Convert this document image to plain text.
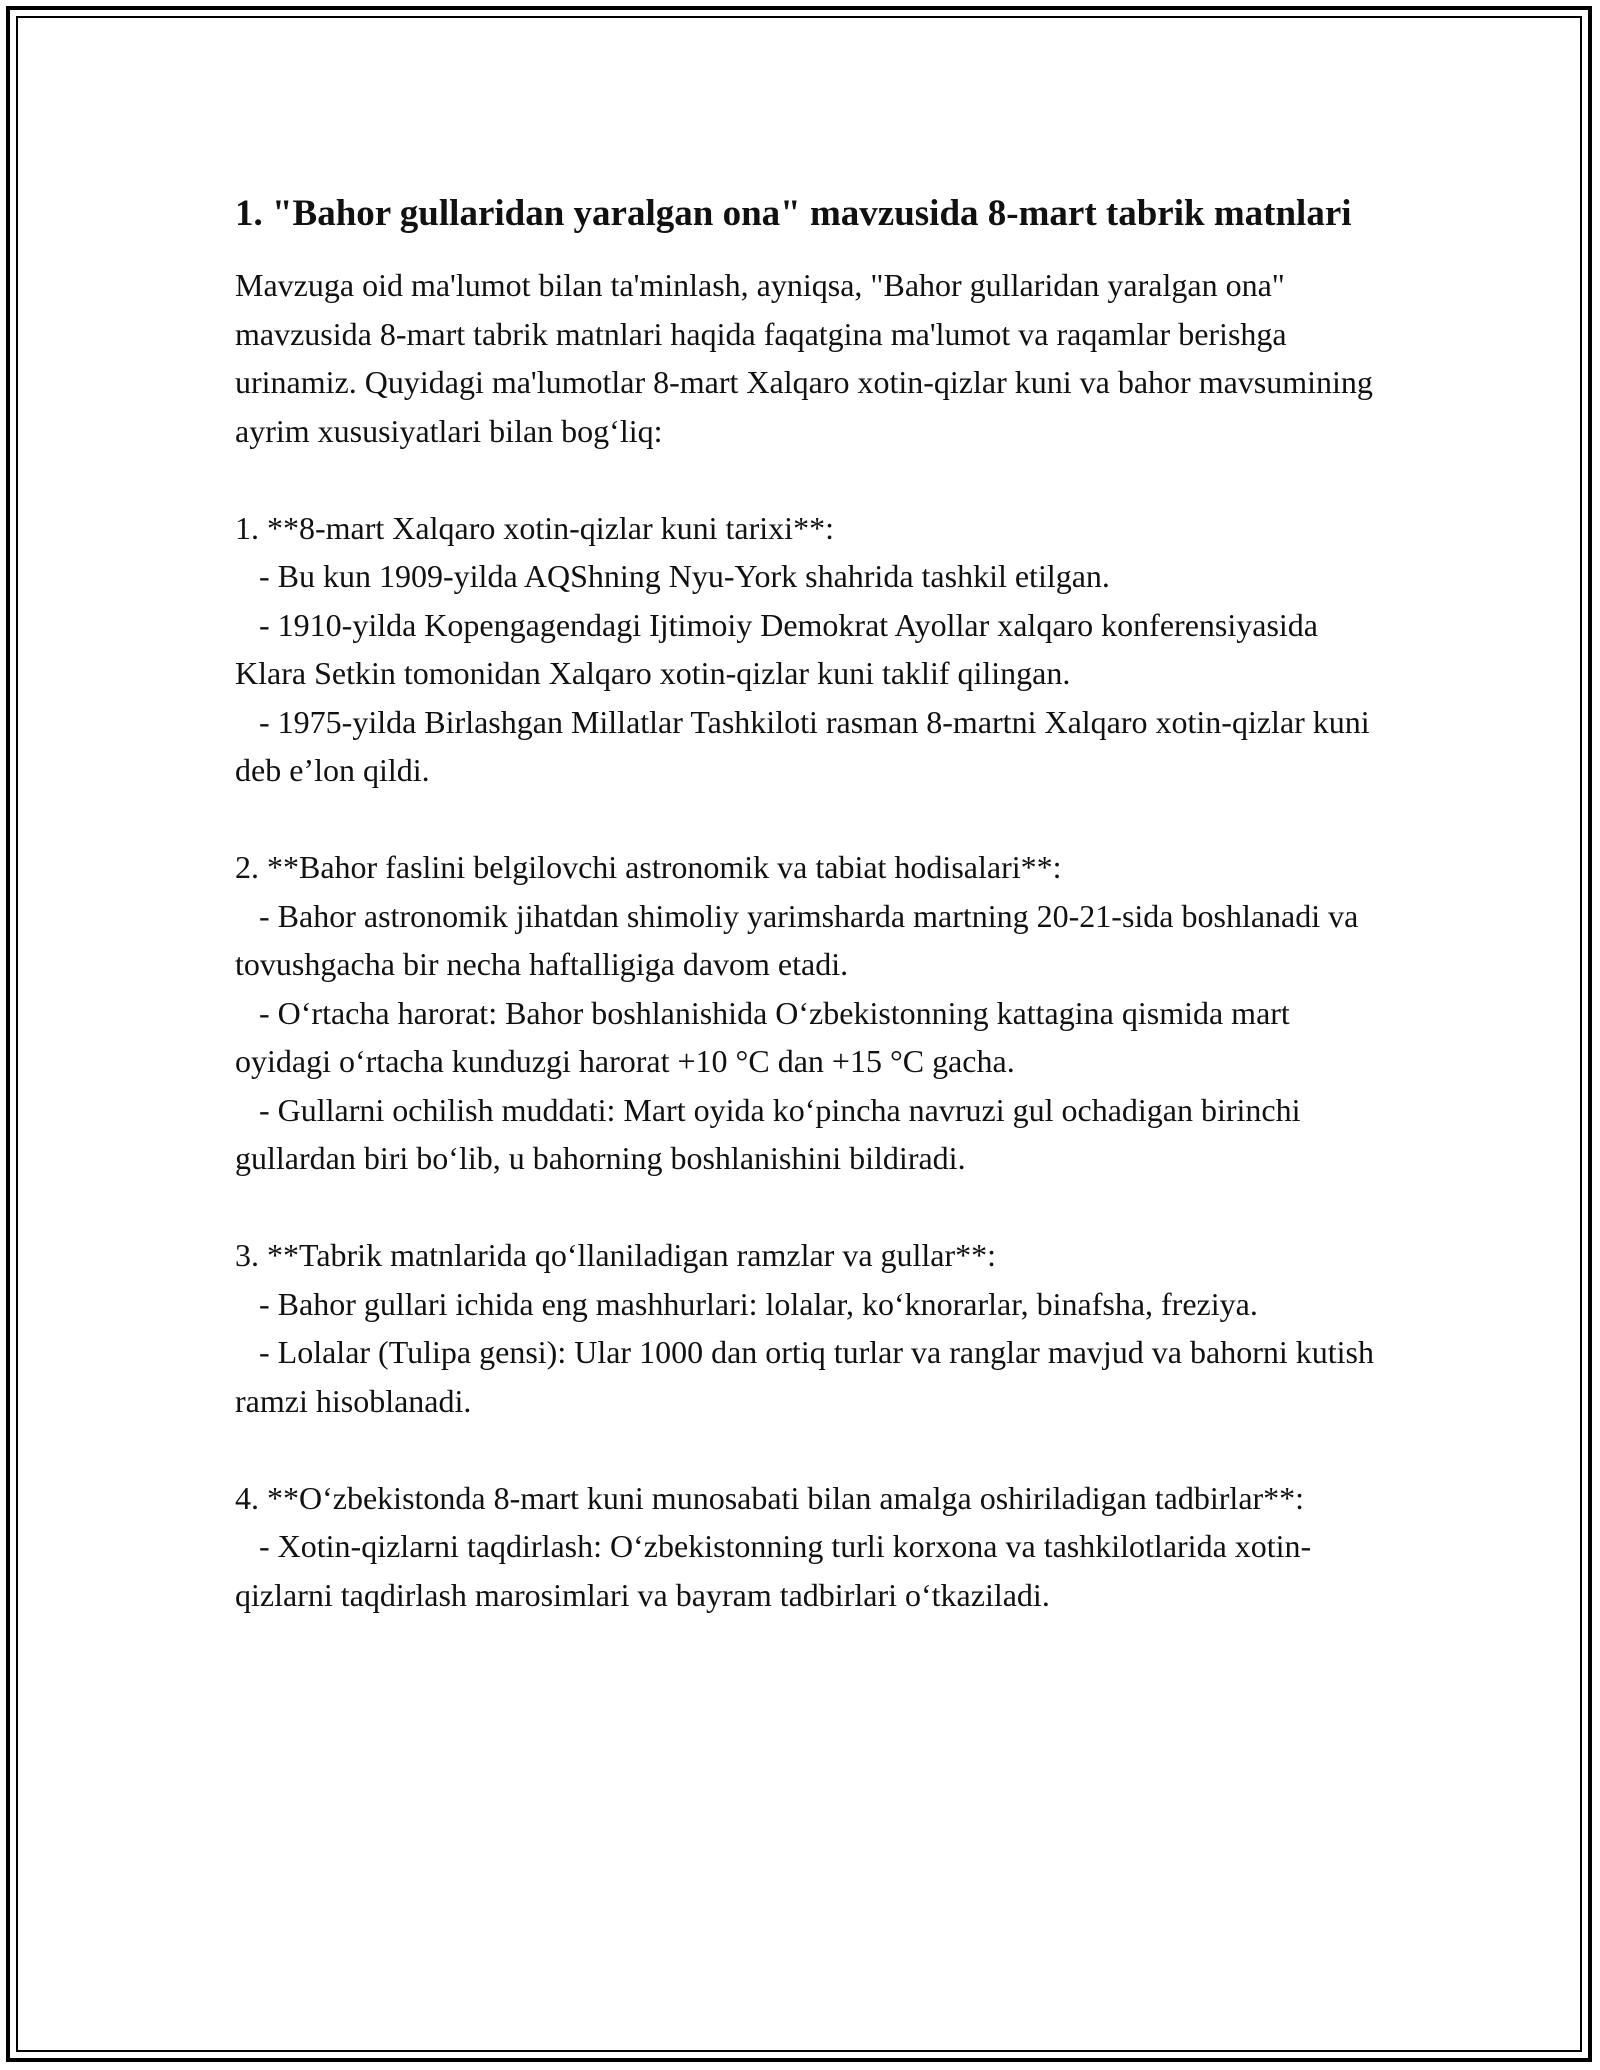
1. "Bahor gullaridan yaralgan ona" mavzusida 8-mart tabrik matnlari

Mavzuga oid ma'lumot bilan ta'minlash, ayniqsa, "Bahor gullaridan yaralgan ona"  mavzusida 8-mart tabrik matnlari haqida faqatgina ma'lumot va raqamlar berishga urinamiz. Quyidagi ma'lumotlar 8-mart Xalqaro xotin-qizlar kuni va bahor mavsumining ayrim xususiyatlari bilan bog‘liq:

1. **8-mart Xalqaro xotin-qizlar kuni tarixi**:

- Bu kun 1909-yilda AQShning Nyu-York shahrida tashkil etilgan.

- 1910-yilda Kopengagendagi Ijtimoiy Demokrat Ayollar xalqaro konferensiyasida Klara Setkin tomonidan Xalqaro xotin-qizlar kuni taklif qilingan.

- 1975-yilda Birlashgan Millatlar Tashkiloti rasman 8-martni Xalqaro xotin-qizlar kuni deb e’lon qildi.

2. **Bahor faslini belgilovchi astronomik va tabiat hodisalari**:

- Bahor astronomik jihatdan shimoliy yarimsharda martning 20-21-sida boshlanadi va tovushgacha bir necha haftalligiga davom etadi.

- O‘rtacha harorat: Bahor boshlanishida O‘zbekistonning kattagina qismida mart oyidagi o‘rtacha kunduzgi harorat +10 °C dan +15 °C gacha.

- Gullarni ochilish muddati: Mart oyida ko‘pincha navruzi gul ochadigan birinchi gullardan biri bo‘lib, u bahorning boshlanishini bildiradi.

3. **Tabrik matnlarida qo‘llaniladigan ramzlar va gullar**:

- Bahor gullari ichida eng mashhurlari: lolalar, ko‘knorarlar, binafsha, freziya.

- Lolalar (Tulipa gensi): Ular 1000 dan ortiq turlar va ranglar mavjud va bahorni kutish ramzi hisoblanadi.

4. **O‘zbekistonda 8-mart kuni munosabati bilan amalga oshiriladigan tadbirlar**:

- Xotin-qizlarni taqdirlash: O‘zbekistonning turli korxona va tashkilotlarida xotin-qizlarni taqdirlash marosimlari va bayram tadbirlari o‘tkaziladi.
